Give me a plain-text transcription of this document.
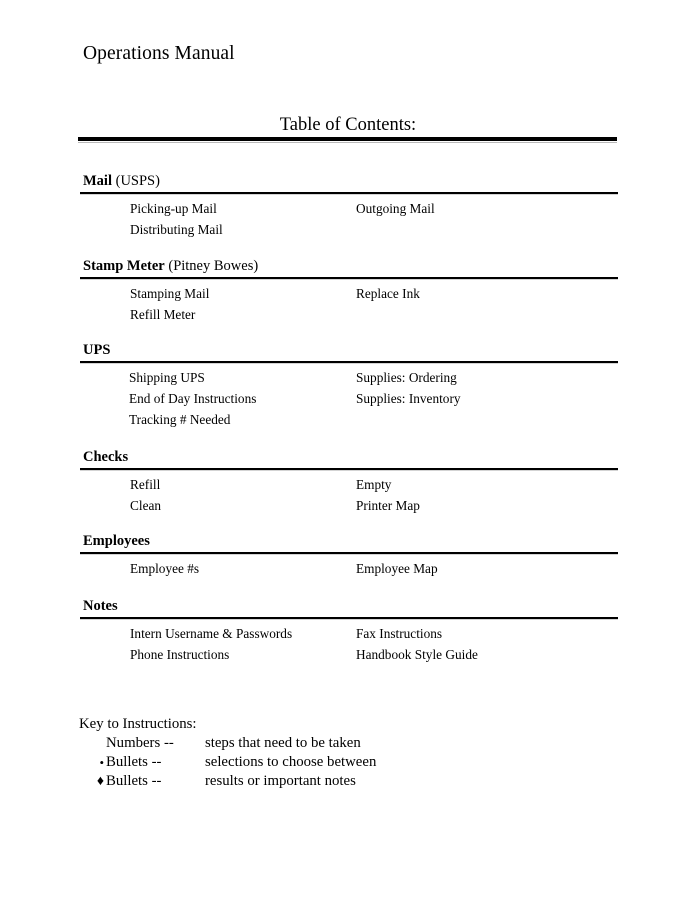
Operations Manual
Table of Contents:
Mail (USPS)
Picking-up Mail	Outgoing Mail
Distributing Mail
Stamp Meter (Pitney Bowes)
Stamping Mail	Replace Ink
Refill Meter
UPS
Shipping UPS	Supplies: Ordering
End of Day Instructions	Supplies: Inventory
Tracking # Needed
Checks
Refill	Empty
Clean	Printer Map
Employees
Employee #s	Employee Map
Notes
Intern Username & Passwords	Fax Instructions
Phone Instructions	Handbook Style Guide
Key to Instructions:
Numbers -- steps that need to be taken
• Bullets --	selections to choose between
♦ Bullets --	results or important notes
